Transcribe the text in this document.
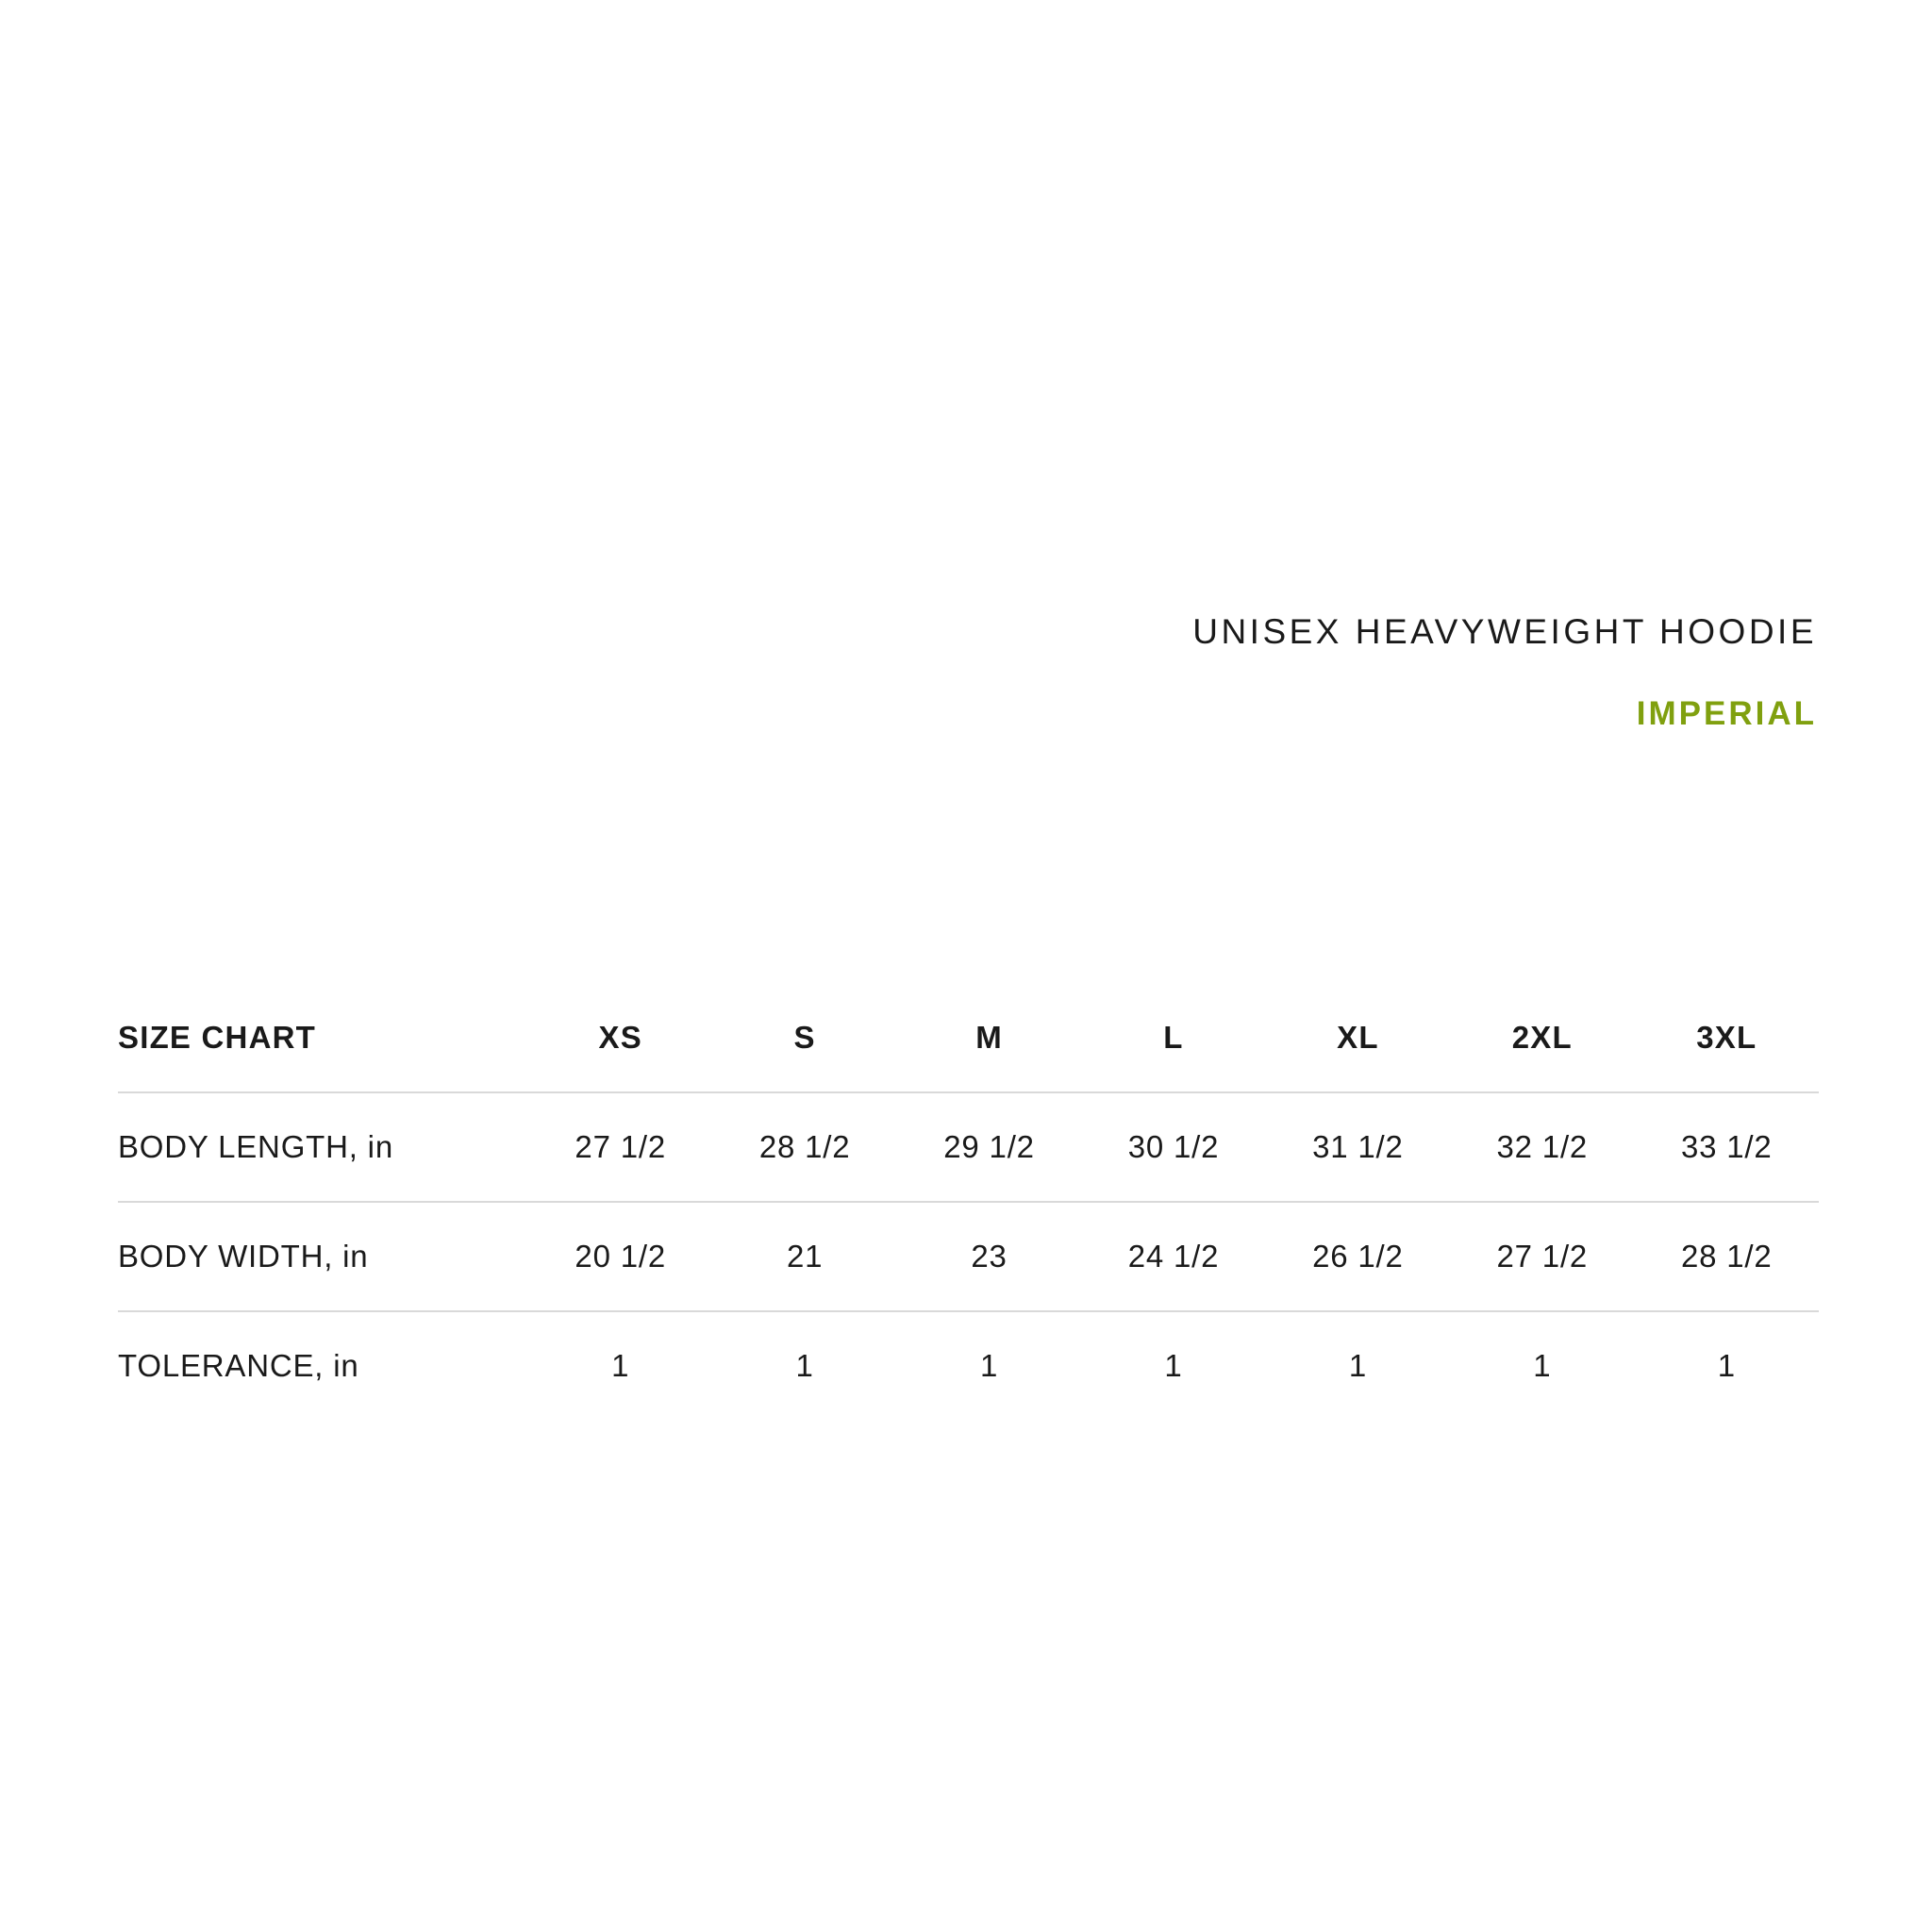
UNISEX HEAVYWEIGHT HOODIE
IMPERIAL
SIZE CHART	XS	S	M	L	XL	2XL	3XL
BODY LENGTH, in	27 1/2	28 1/2	29 1/2	30 1/2	31 1/2	32 1/2	33 1/2
BODY WIDTH, in	20 1/2	21	23	24 1/2	26 1/2	27 1/2	28 1/2
TOLERANCE, in	1	1	1	1	1	1	1
